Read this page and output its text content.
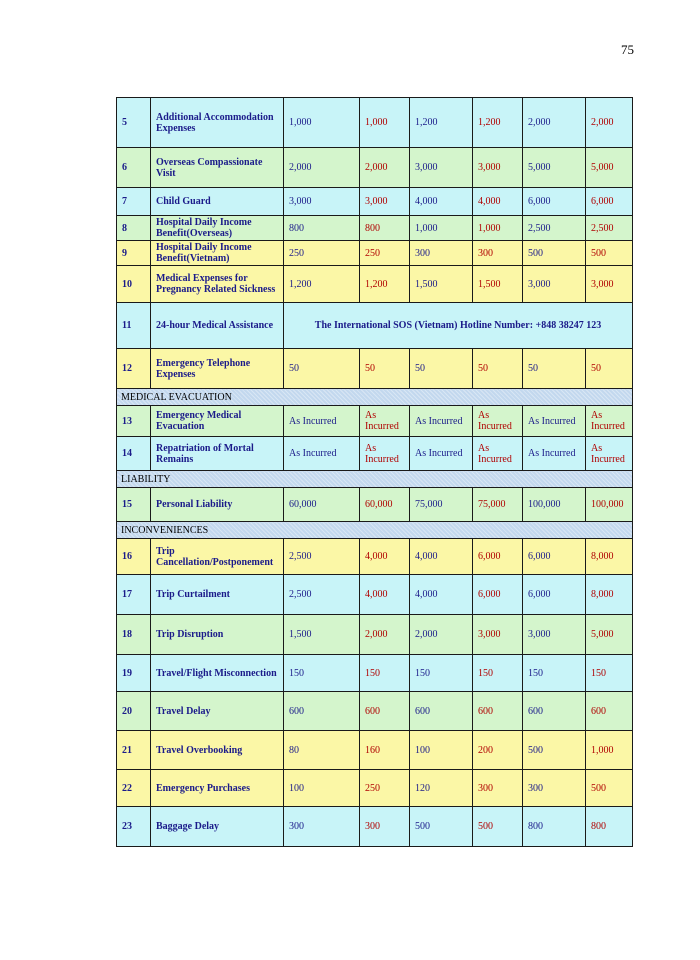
75
5	Additional Accommodation Expenses	1,000	1,000	1,200	1,200	2,000	2,000
6	Overseas Compassionate Visit	2,000	2,000	3,000	3,000	5,000	5,000
7	Child Guard	3,000	3,000	4,000	4,000	6,000	6,000
8	Hospital Daily Income Benefit(Overseas)	800	800	1,000	1,000	2,500	2,500
9	Hospital Daily Income Benefit(Vietnam)	250	250	300	300	500	500
10	Medical Expenses for Pregnancy Related Sickness	1,200	1,200	1,500	1,500	3,000	3,000
11	24-hour Medical Assistance	The International SOS (Vietnam) Hotline Number: +848 38247 123					
12	Emergency Telephone Expenses	50	50	50	50	50	50
MEDICAL EVACUATION							
13	Emergency Medical Evacuation	As Incurred	As Incurred	As Incurred	As Incurred	As Incurred	As Incurred
14	Repatriation of Mortal Remains	As Incurred	As Incurred	As Incurred	As Incurred	As Incurred	As Incurred
LIABILITY							
15	Personal Liability	60,000	60,000	75,000	75,000	100,000	100,000
INCONVENIENCES							
16	Trip Cancellation/Postponement	2,500	4,000	4,000	6,000	6,000	8,000
17	Trip Curtailment	2,500	4,000	4,000	6,000	6,000	8,000
18	Trip Disruption	1,500	2,000	2,000	3,000	3,000	5,000
19	Travel/Flight Misconnection	150	150	150	150	150	150
20	Travel Delay	600	600	600	600	600	600
21	Travel Overbooking	80	160	100	200	500	1,000
22	Emergency Purchases	100	250	120	300	300	500
23	Baggage Delay	300	300	500	500	800	800
